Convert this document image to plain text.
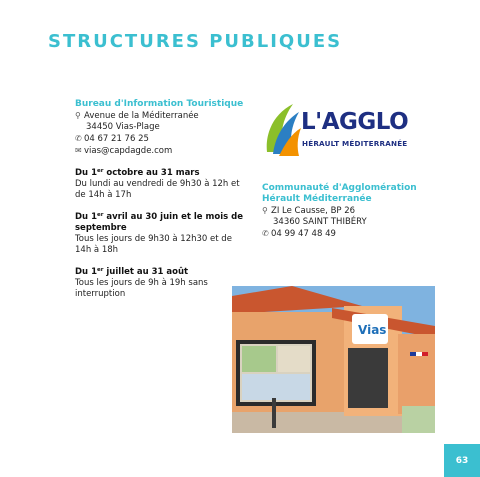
STRUCTURES PUBLIQUES
Bureau d'Information Touristique
⚲ Avenue de la Méditerranée
34450 Vias-Plage
✆ 04 67 21 76 25
✉ vias@capdagde.com
Du 1er octobre au 31 mars
Du lundi au vendredi de 9h30 à 12h et de 14h à 17h
Du 1er avril au 30 juin et le mois de septembre
Tous les jours de 9h30 à 12h30 et de 14h à 18h
Du 1er juillet au 31 août
Tous les jours de 9h à 19h sans interruption
L'AGGLO
HÉRAULT MÉDITERRANÉE
Communauté d'Agglomération Hérault Méditerranée
⚲ ZI Le Causse, BP 26
34360 SAINT THIBÉRY
✆ 04 99 47 48 49
Vias
63
